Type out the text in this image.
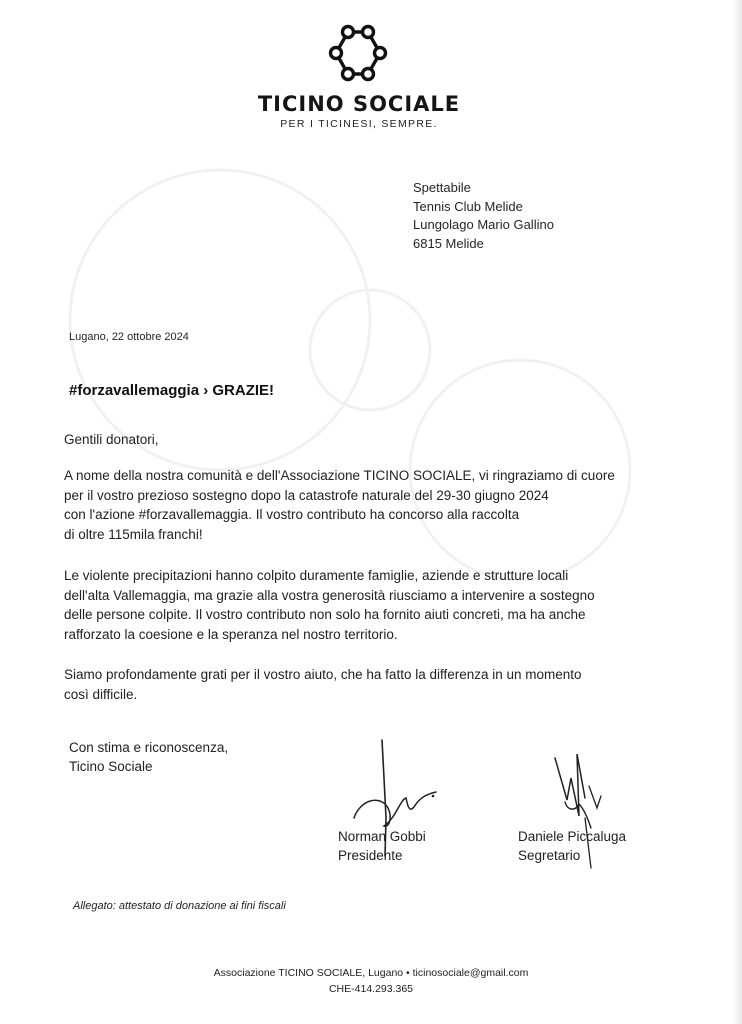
TICINO SOCIALE
PER I TICINESI, SEMPRE.
Spettabile
Tennis Club Melide
Lungolago Mario Gallino
6815 Melide
Lugano, 22 ottobre 2024
#forzavallemaggia › GRAZIE!
Gentili donatori,
A nome della nostra comunità e dell'Associazione TICINO SOCIALE, vi ringraziamo di cuore
per il vostro prezioso sostegno dopo la catastrofe naturale del 29-30 giugno 2024
con l'azione #forzavallemaggia. Il vostro contributo ha concorso alla raccolta
di oltre 115mila franchi!
Le violente precipitazioni hanno colpito duramente famiglie, aziende e strutture locali
dell'alta Vallemaggia, ma grazie alla vostra generosità riusciamo a intervenire a sostegno
delle persone colpite. Il vostro contributo non solo ha fornito aiuti concreti, ma ha anche
rafforzato la coesione e la speranza nel nostro territorio.
Siamo profondamente grati per il vostro aiuto, che ha fatto la differenza in un momento
così difficile.
Con stima e riconoscenza,
Ticino Sociale
Norman Gobbi
Presidente
Daniele Piccaluga
Segretario
Allegato: attestato di donazione ai fini fiscali
Associazione TICINO SOCIALE, Lugano • ticinosociale@gmail.com
CHE-414.293.365
